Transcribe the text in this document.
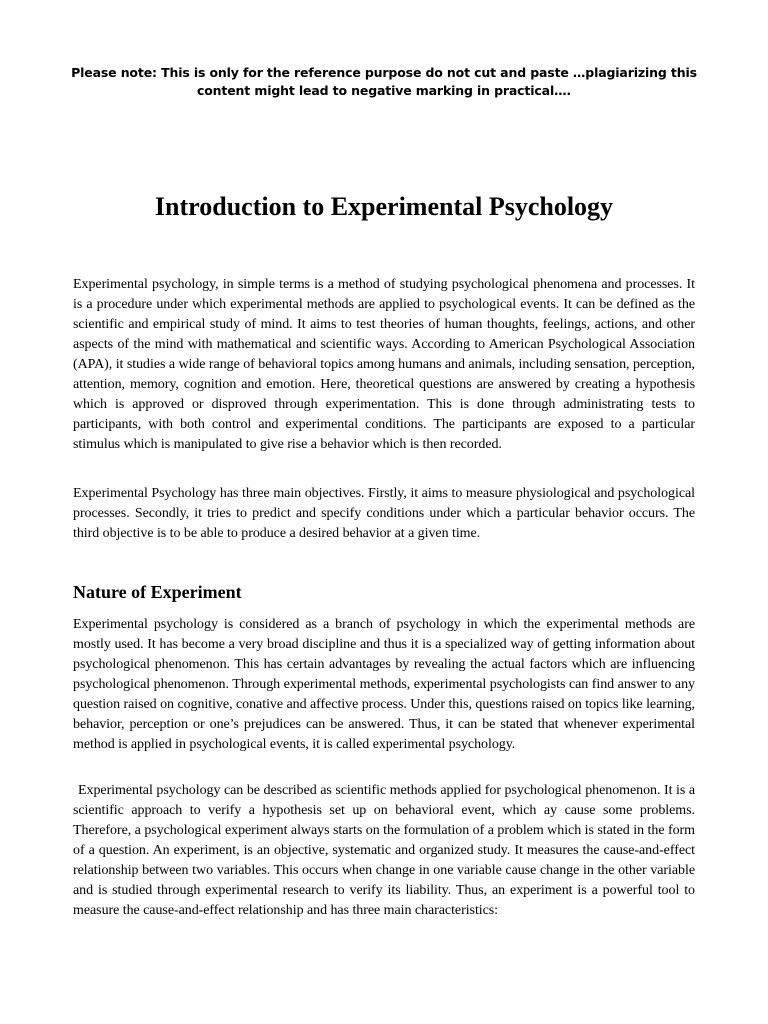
Please note: This is only for the reference purpose do not cut and paste …plagiarizing this content might lead to negative marking in practical….
Introduction to Experimental Psychology

Experimental psychology, in simple terms is a method of studying psychological phenomena and processes. It is a procedure under which experimental methods are applied to psychological events. It can be defined as the scientific and empirical study of mind. It aims to test theories of human thoughts, feelings, actions, and other aspects of the mind with mathematical and scientific ways. According to American Psychological Association (APA), it studies a wide range of behavioral topics among humans and animals, including sensation, perception, attention, memory, cognition and emotion. Here, theoretical questions are answered by creating a hypothesis which is approved or disproved through experimentation. This is done through administrating tests to participants, with both control and experimental conditions. The participants are exposed to a particular stimulus which is manipulated to give rise a behavior which is then recorded.

Experimental Psychology has three main objectives. Firstly, it aims to measure physiological and psychological processes. Secondly, it tries to predict and specify conditions under which a particular behavior occurs. The third objective is to be able to produce a desired behavior at a given time.

Nature of Experiment

Experimental psychology is considered as a branch of psychology in which the experimental methods are mostly used. It has become a very broad discipline and thus it is a specialized way of getting information about psychological phenomenon. This has certain advantages by revealing the actual factors which are influencing psychological phenomenon. Through experimental methods, experimental psychologists can find answer to any question raised on cognitive, conative and affective process. Under this, questions raised on topics like learning, behavior, perception or one’s prejudices can be answered. Thus, it can be stated that whenever experimental method is applied in psychological events, it is called experimental psychology.

Experimental psychology can be described as scientific methods applied for psychological phenomenon. It is a scientific approach to verify a hypothesis set up on behavioral event, which ay cause some problems. Therefore, a psychological experiment always starts on the formulation of a problem which is stated in the form of a question. An experiment, is an objective, systematic and organized study. It measures the cause-and-effect relationship between two variables. This occurs when change in one variable cause change in the other variable and is studied through experimental research to verify its liability. Thus, an experiment is a powerful tool to measure the cause-and-effect relationship and has three main characteristics:
